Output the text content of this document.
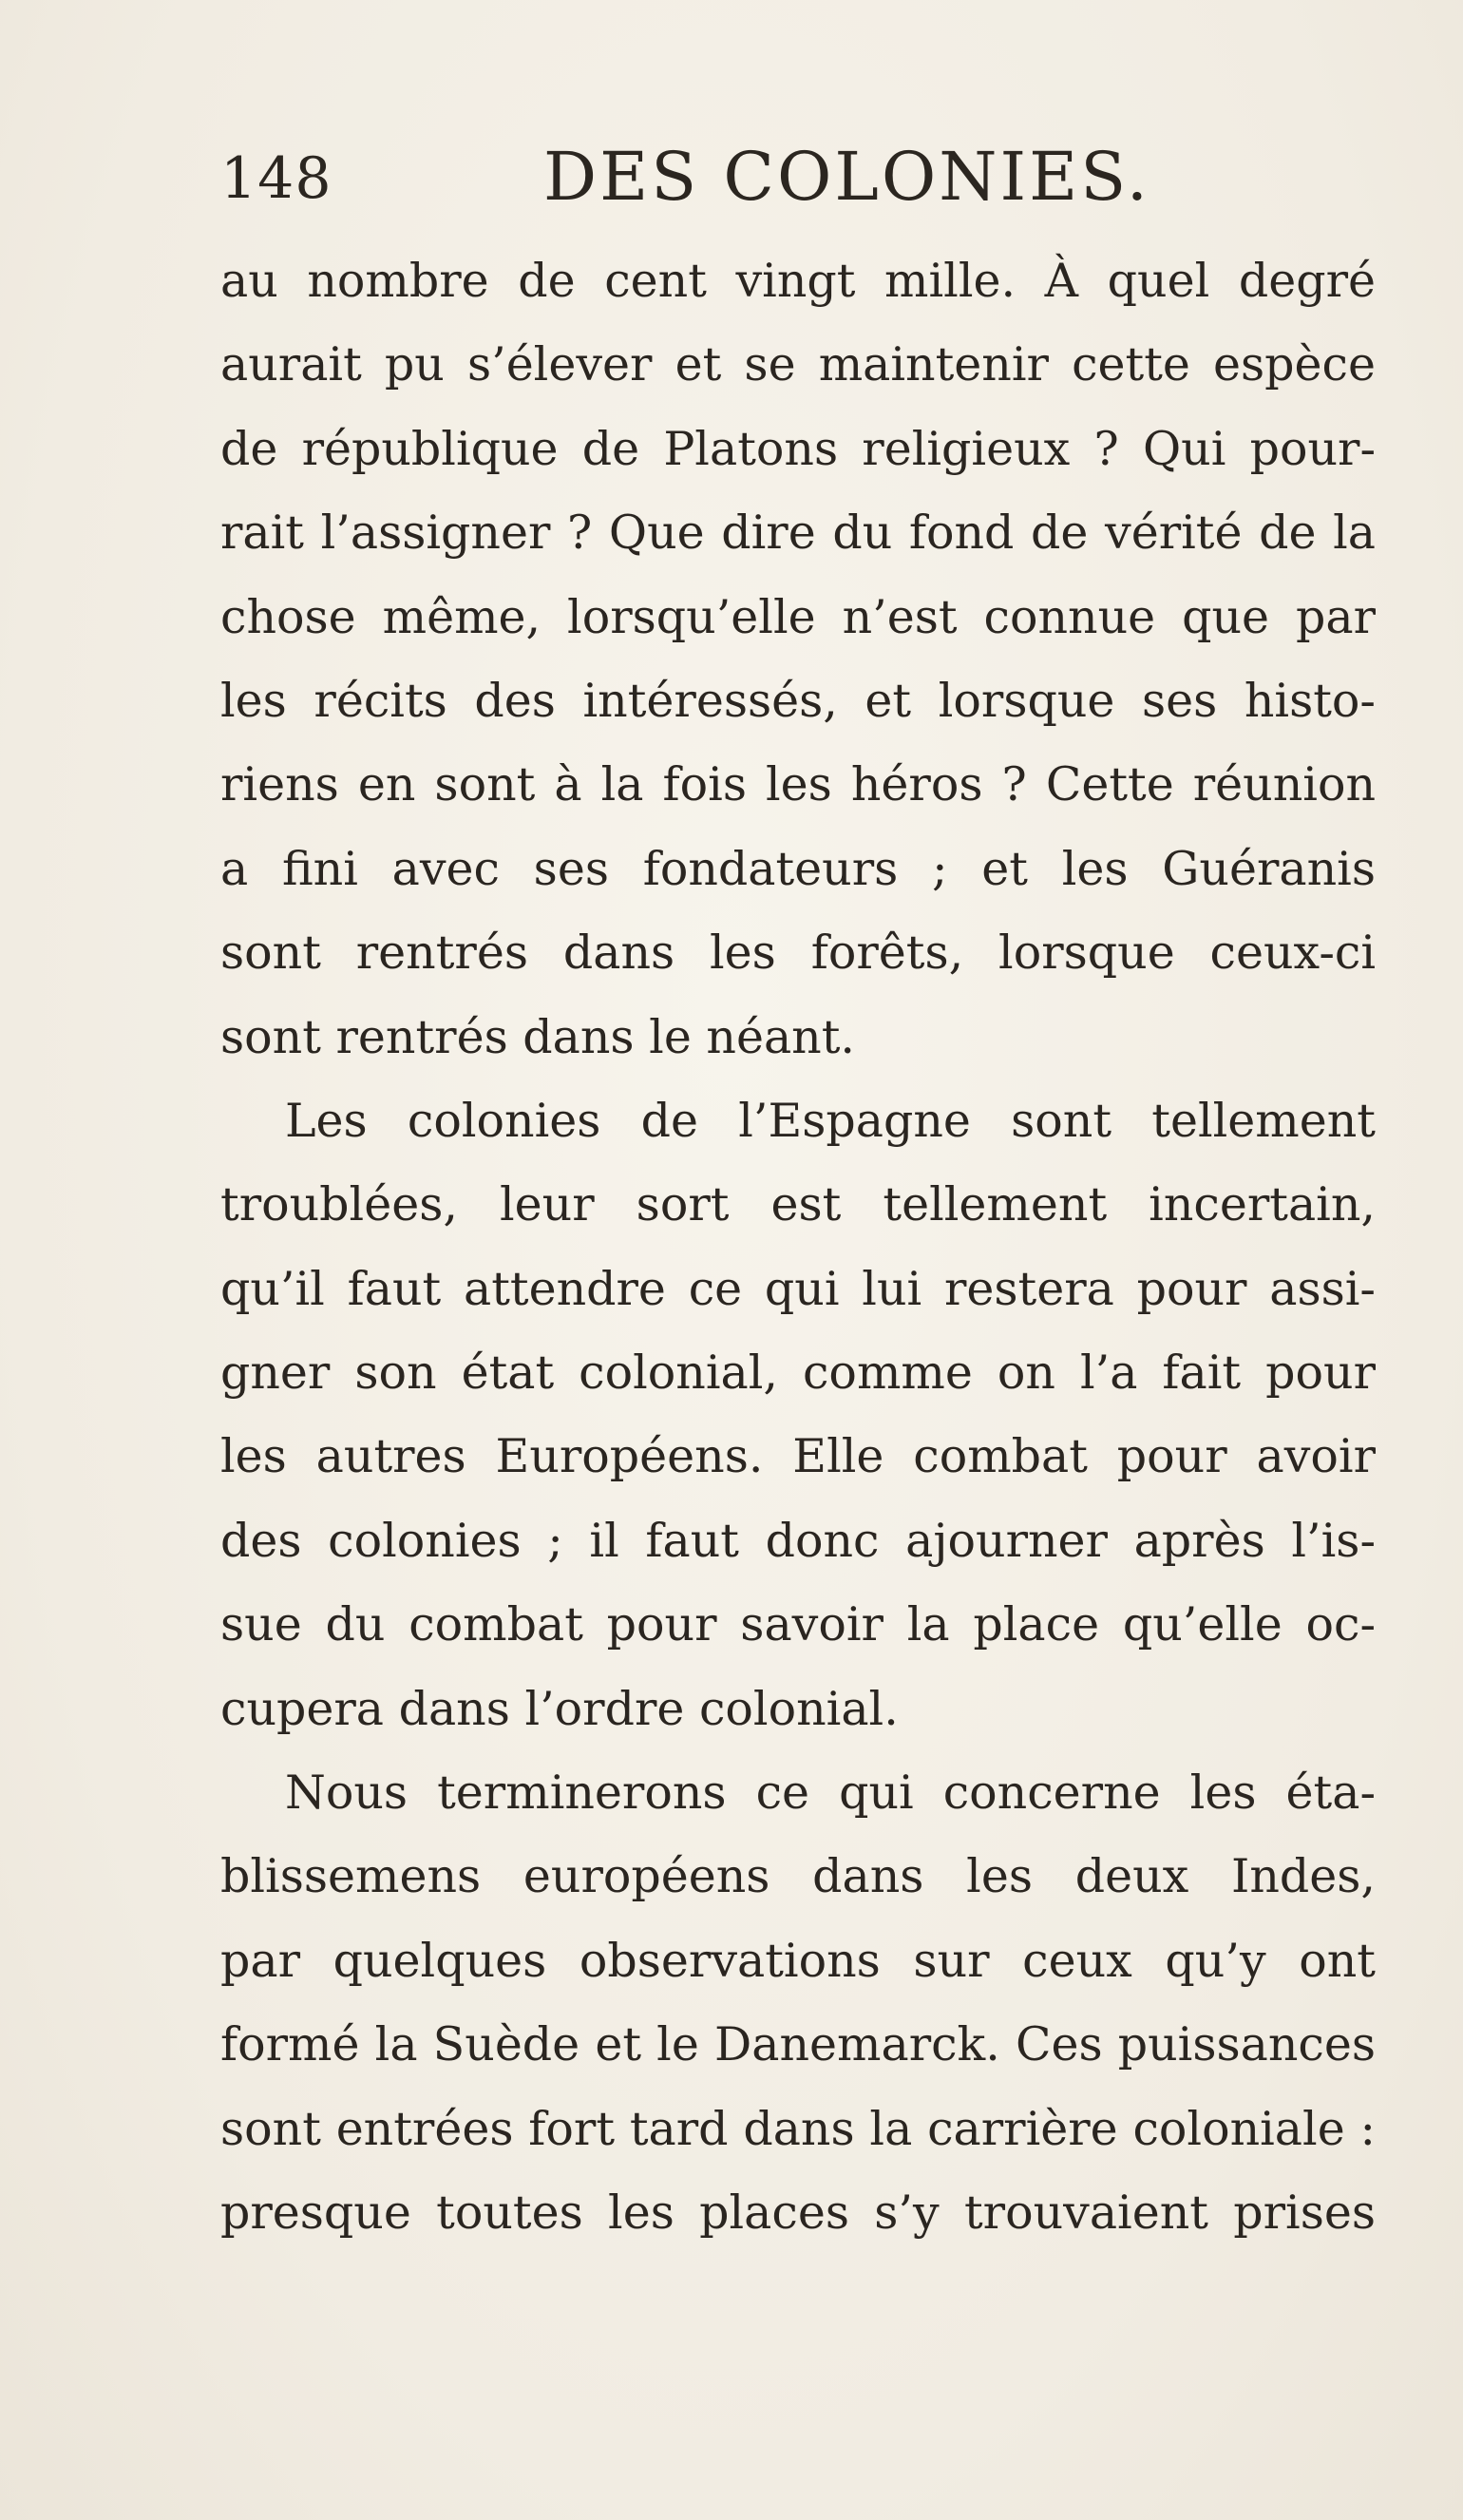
148	DES COLONIES.
au nombre de cent vingt mille. À quel degré
aurait pu s’élever et se maintenir cette espèce
de république de Platons religieux ? Qui pour-
rait l’assigner ? Que dire du fond de vérité de la
chose même, lorsqu’elle n’est connue que par
les récits des intéressés, et lorsque ses histo-
riens en sont à la fois les héros ? Cette réunion
a fini avec ses fondateurs ; et les Guéranis
sont rentrés dans les forêts, lorsque ceux-ci
sont rentrés dans le néant.
Les colonies de l’Espagne sont tellement
troublées, leur sort est tellement incertain,
qu’il faut attendre ce qui lui restera pour assi-
gner son état colonial, comme on l’a fait pour
les autres Européens. Elle combat pour avoir
des colonies ; il faut donc ajourner après l’is-
sue du combat pour savoir la place qu’elle oc-
cupera dans l’ordre colonial.
Nous terminerons ce qui concerne les éta-
blissemens européens dans les deux Indes,
par quelques observations sur ceux qu’y ont
formé la Suède et le Danemarck. Ces puissances
sont entrées fort tard dans la carrière coloniale :
presque toutes les places s’y trouvaient prises
